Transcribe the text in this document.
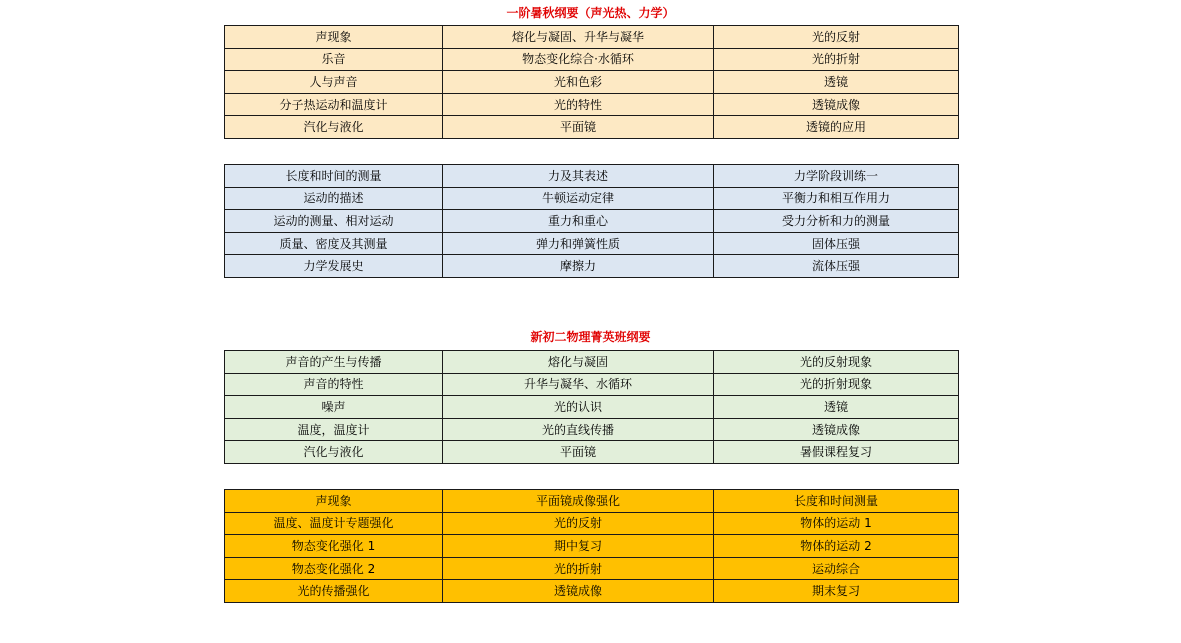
一阶暑秋纲要（声光热、力学）
声现象	熔化与凝固、升华与凝华	光的反射
乐音	物态变化综合·水循环	光的折射
人与声音	光和色彩	透镜
分子热运动和温度计	光的特性	透镜成像
汽化与液化	平面镜	透镜的应用
长度和时间的测量	力及其表述	力学阶段训练一
运动的描述	牛顿运动定律	平衡力和相互作用力
运动的测量、相对运动	重力和重心	受力分析和力的测量
质量、密度及其测量	弹力和弹簧性质	固体压强
力学发展史	摩擦力	流体压强
新初二物理菁英班纲要
声音的产生与传播	熔化与凝固	光的反射现象
声音的特性	升华与凝华、水循环	光的折射现象
噪声	光的认识	透镜
温度，温度计	光的直线传播	透镜成像
汽化与液化	平面镜	暑假课程复习
声现象	平面镜成像强化	长度和时间测量
温度、温度计专题强化	光的反射	物体的运动 1
物态变化强化 1	期中复习	物体的运动 2
物态变化强化 2	光的折射	运动综合
光的传播强化	透镜成像	期末复习
